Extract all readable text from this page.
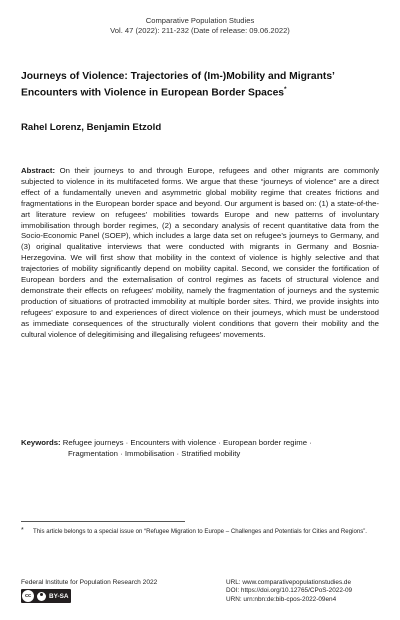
Comparative Population Studies
Vol. 47 (2022): 211-232 (Date of release: 09.06.2022)
Journeys of Violence: Trajectories of (Im-)Mobility and Migrants’ Encounters with Violence in European Border Spaces*
Rahel Lorenz, Benjamin Etzold

Abstract: On their journeys to and through Europe, refugees and other migrants are commonly subjected to violence in its multifaceted forms. We argue that these “journeys of violence” are a direct effect of a fundamentally uneven and asymmetric global mobility regime that creates frictions and fragmentations in the European border space and beyond. Our argument is based on: (1) a state-of-the-art literature review on refugees’ mobilities towards Europe and new patterns of involuntary immobilisation through border regimes, (2) a secondary analysis of recent quantitative data from the Socio-Economic Panel (SOEP), which includes a large data set on refugee’s journeys to Germany, and (3) original qualitative interviews that were conducted with migrants in Germany and Bosnia-Herzegovina. We will first show that mobility in the context of violence is highly selective and that trajectories of mobility significantly depend on mobility capital. Second, we consider the fortification of European borders and the externalisation of control regimes as facets of structural violence and demonstrate their effects on refugees’ mobility, namely the fragmentation of journeys and the systemic production of situations of protracted immobility at multiple border sites. Third, we provide insights into refugees’ exposure to and experiences of direct violence on their journeys, which must be understood as immediate consequences of the structurally violent conditions that govern their mobility and the cultural violence of delegitimising and illegalising refugees’ movements.

Keywords: Refugee journeys · Encounters with violence · European border regime ·
Fragmentation · Immobilisation · Stratified mobility
*	This article belongs to a special issue on “Refugee Migration to Europe – Challenges and Potentials for Cities and Regions”.
Federal Institute for Population Research 2022
cc	BY-SA
URL: www.comparativepopulationstudies.de
DOI: https://doi.org/10.12765/CPoS-2022-09
URN: urn:nbn:de:bib-cpos-2022-09en4
